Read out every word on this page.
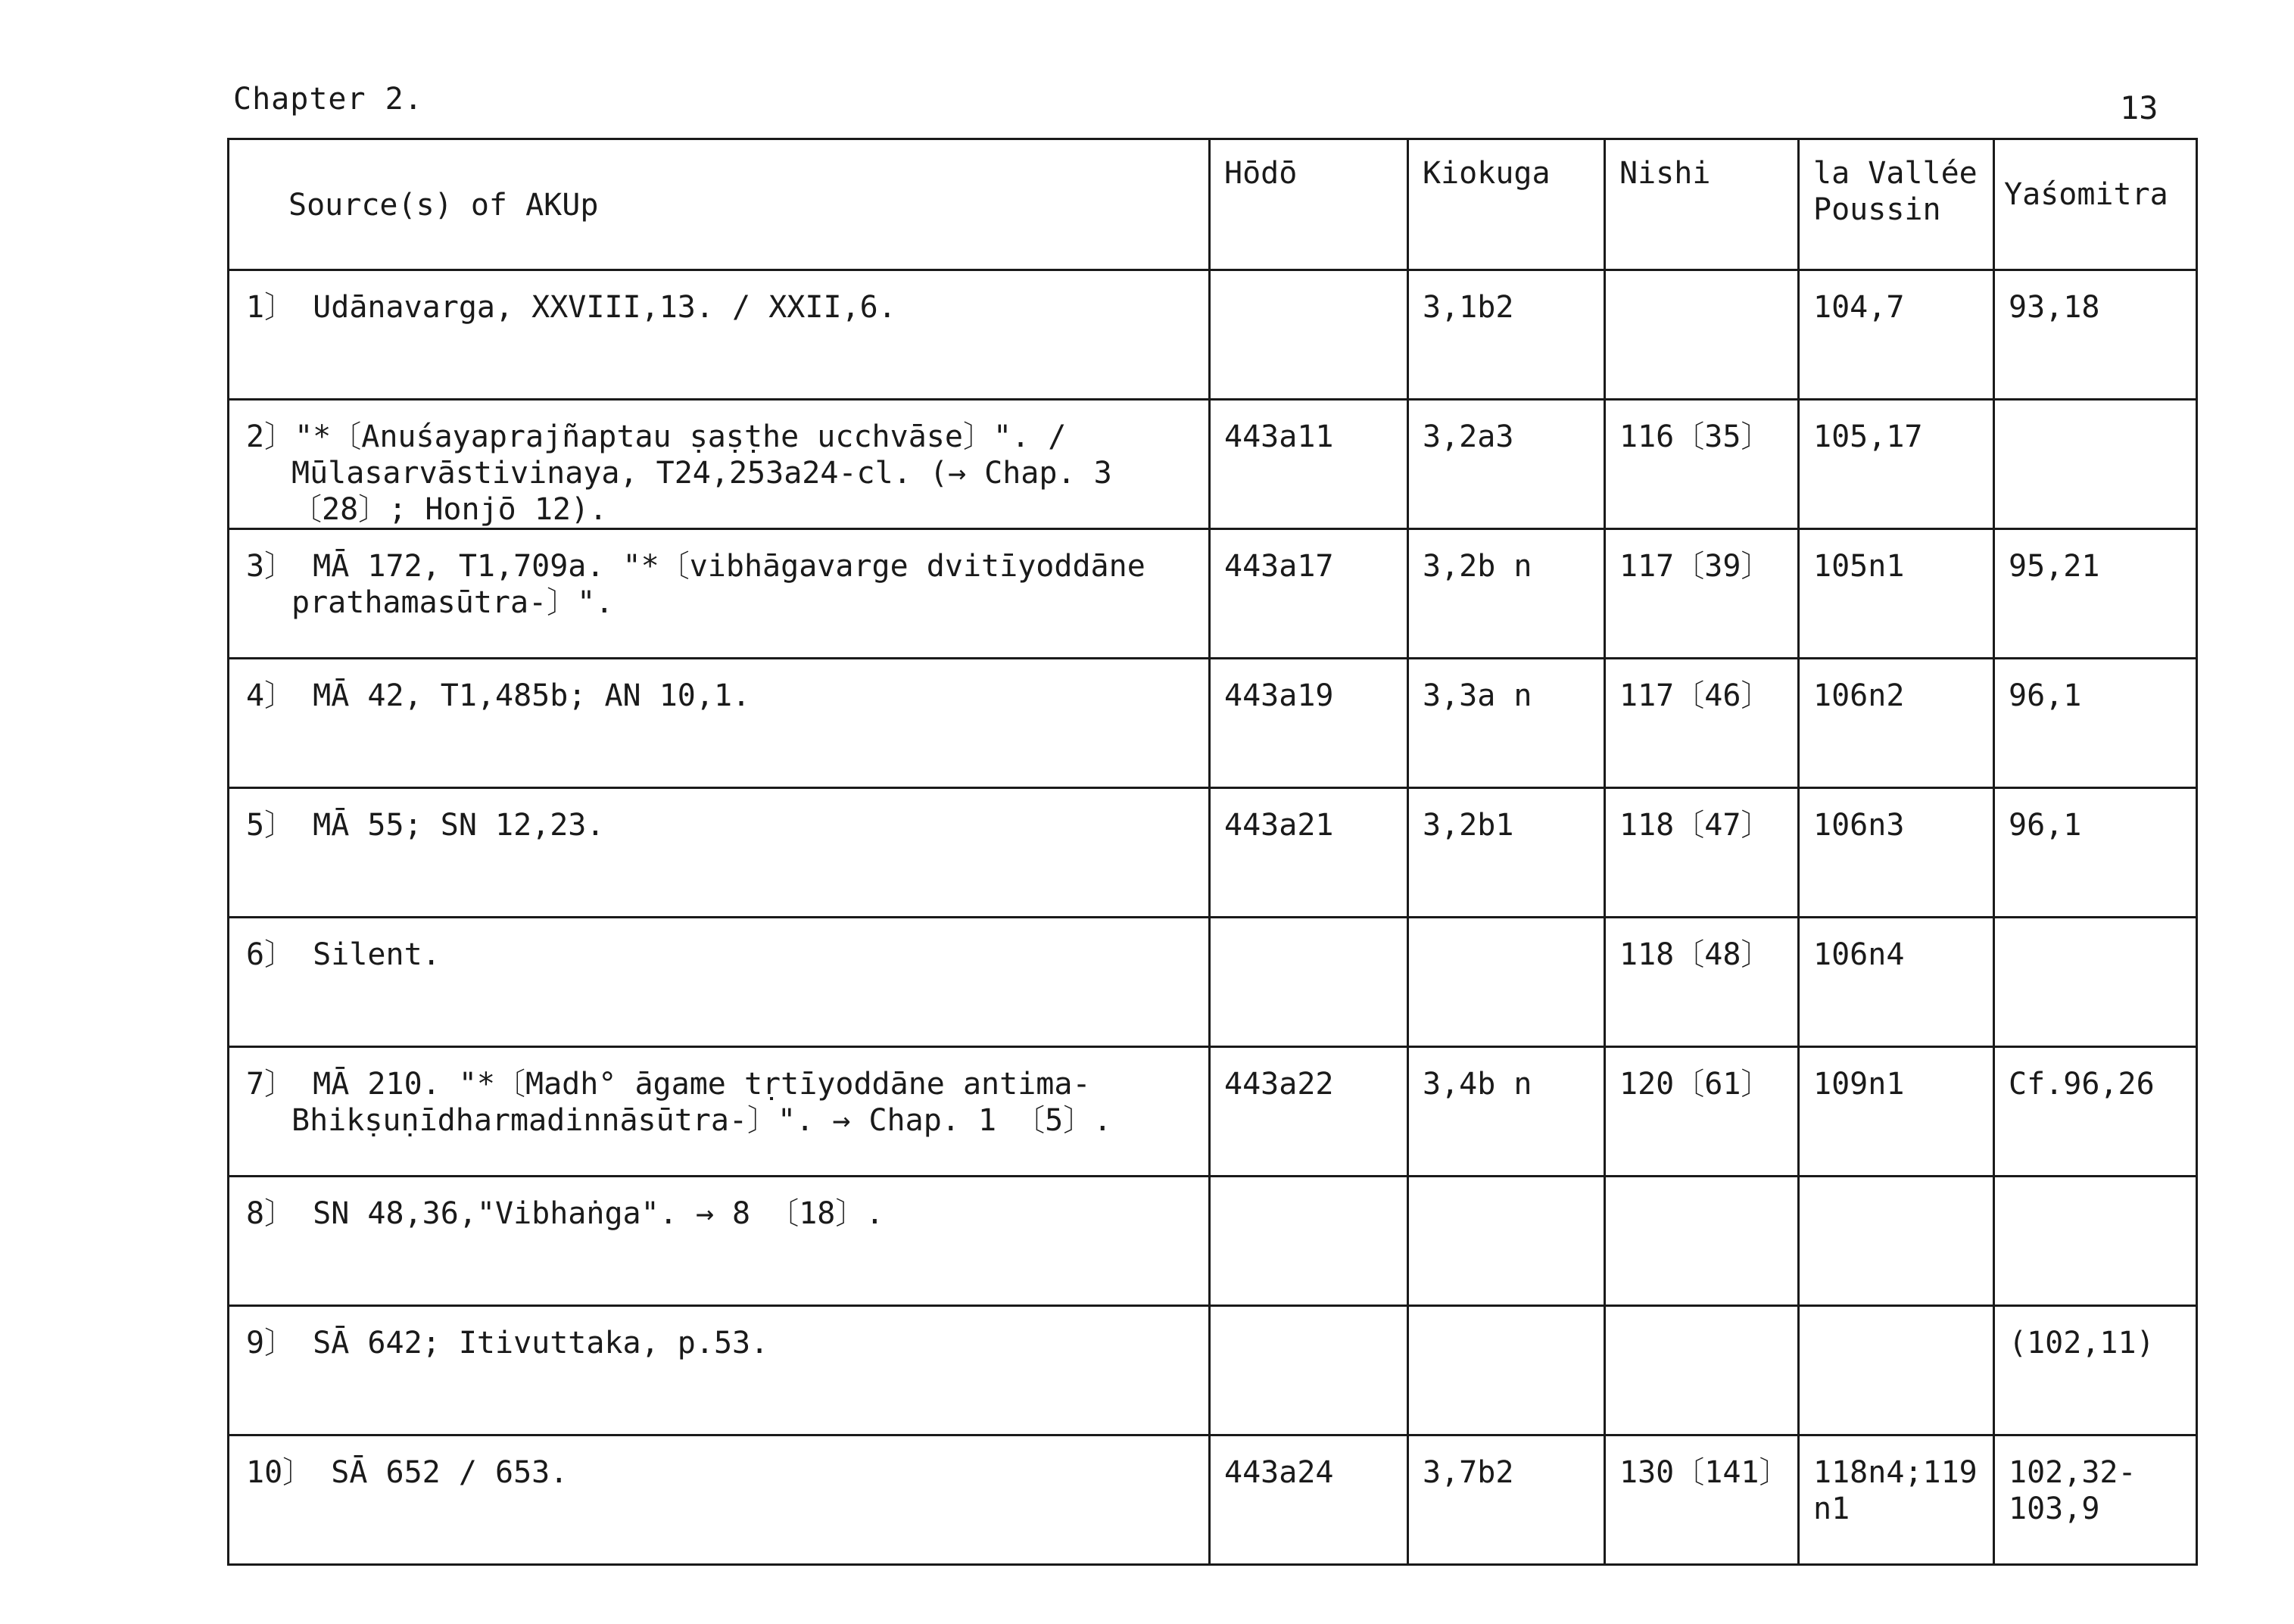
Chapter 2.	13
Source(s) of AKUp	Hōdō	Kiokuga	Nishi	la Vallée Poussin	Yaśomitra

1〕 Udānavarga, XXVIII,13. / XXII,6.		3,1b2		104,7	93,18

2〕"*〔Anuśayaprajñaptau ṣaṣṭhe ucchvāse〕". / Mūlasarvāstivinaya, T24,253a24-cl. (→ Chap. 3 〔28〕; Honjō 12).	443a11	3,2a3	116〔35〕	105,17	

3〕 MĀ 172, T1,709a. "*〔vibhāgavarge dvitīyoddāne prathamasūtra-〕".	443a17	3,2b n	117〔39〕	105n1	95,21

4〕 MĀ 42, T1,485b; AN 10,1.	443a19	3,3a n	117〔46〕	106n2	96,1

5〕 MĀ 55; SN 12,23.	443a21	3,2b1	118〔47〕	106n3	96,1

6〕 Silent.			118〔48〕	106n4	

7〕 MĀ 210. "*〔Madh° āgame tṛtīyoddāne antima-Bhikṣuṇīdharmadinnāsūtra-〕". → Chap. 1 〔5〕.	443a22	3,4b n	120〔61〕	109n1	Cf.96,26

8〕 SN 48,36,"Vibhaṅga". → 8 〔18〕.					

9〕 SĀ 642; Itivuttaka, p.53.					(102,11)

10〕 SĀ 652 / 653.	443a24	3,7b2	130〔141〕	118n4;119 n1	102,32-103,9
